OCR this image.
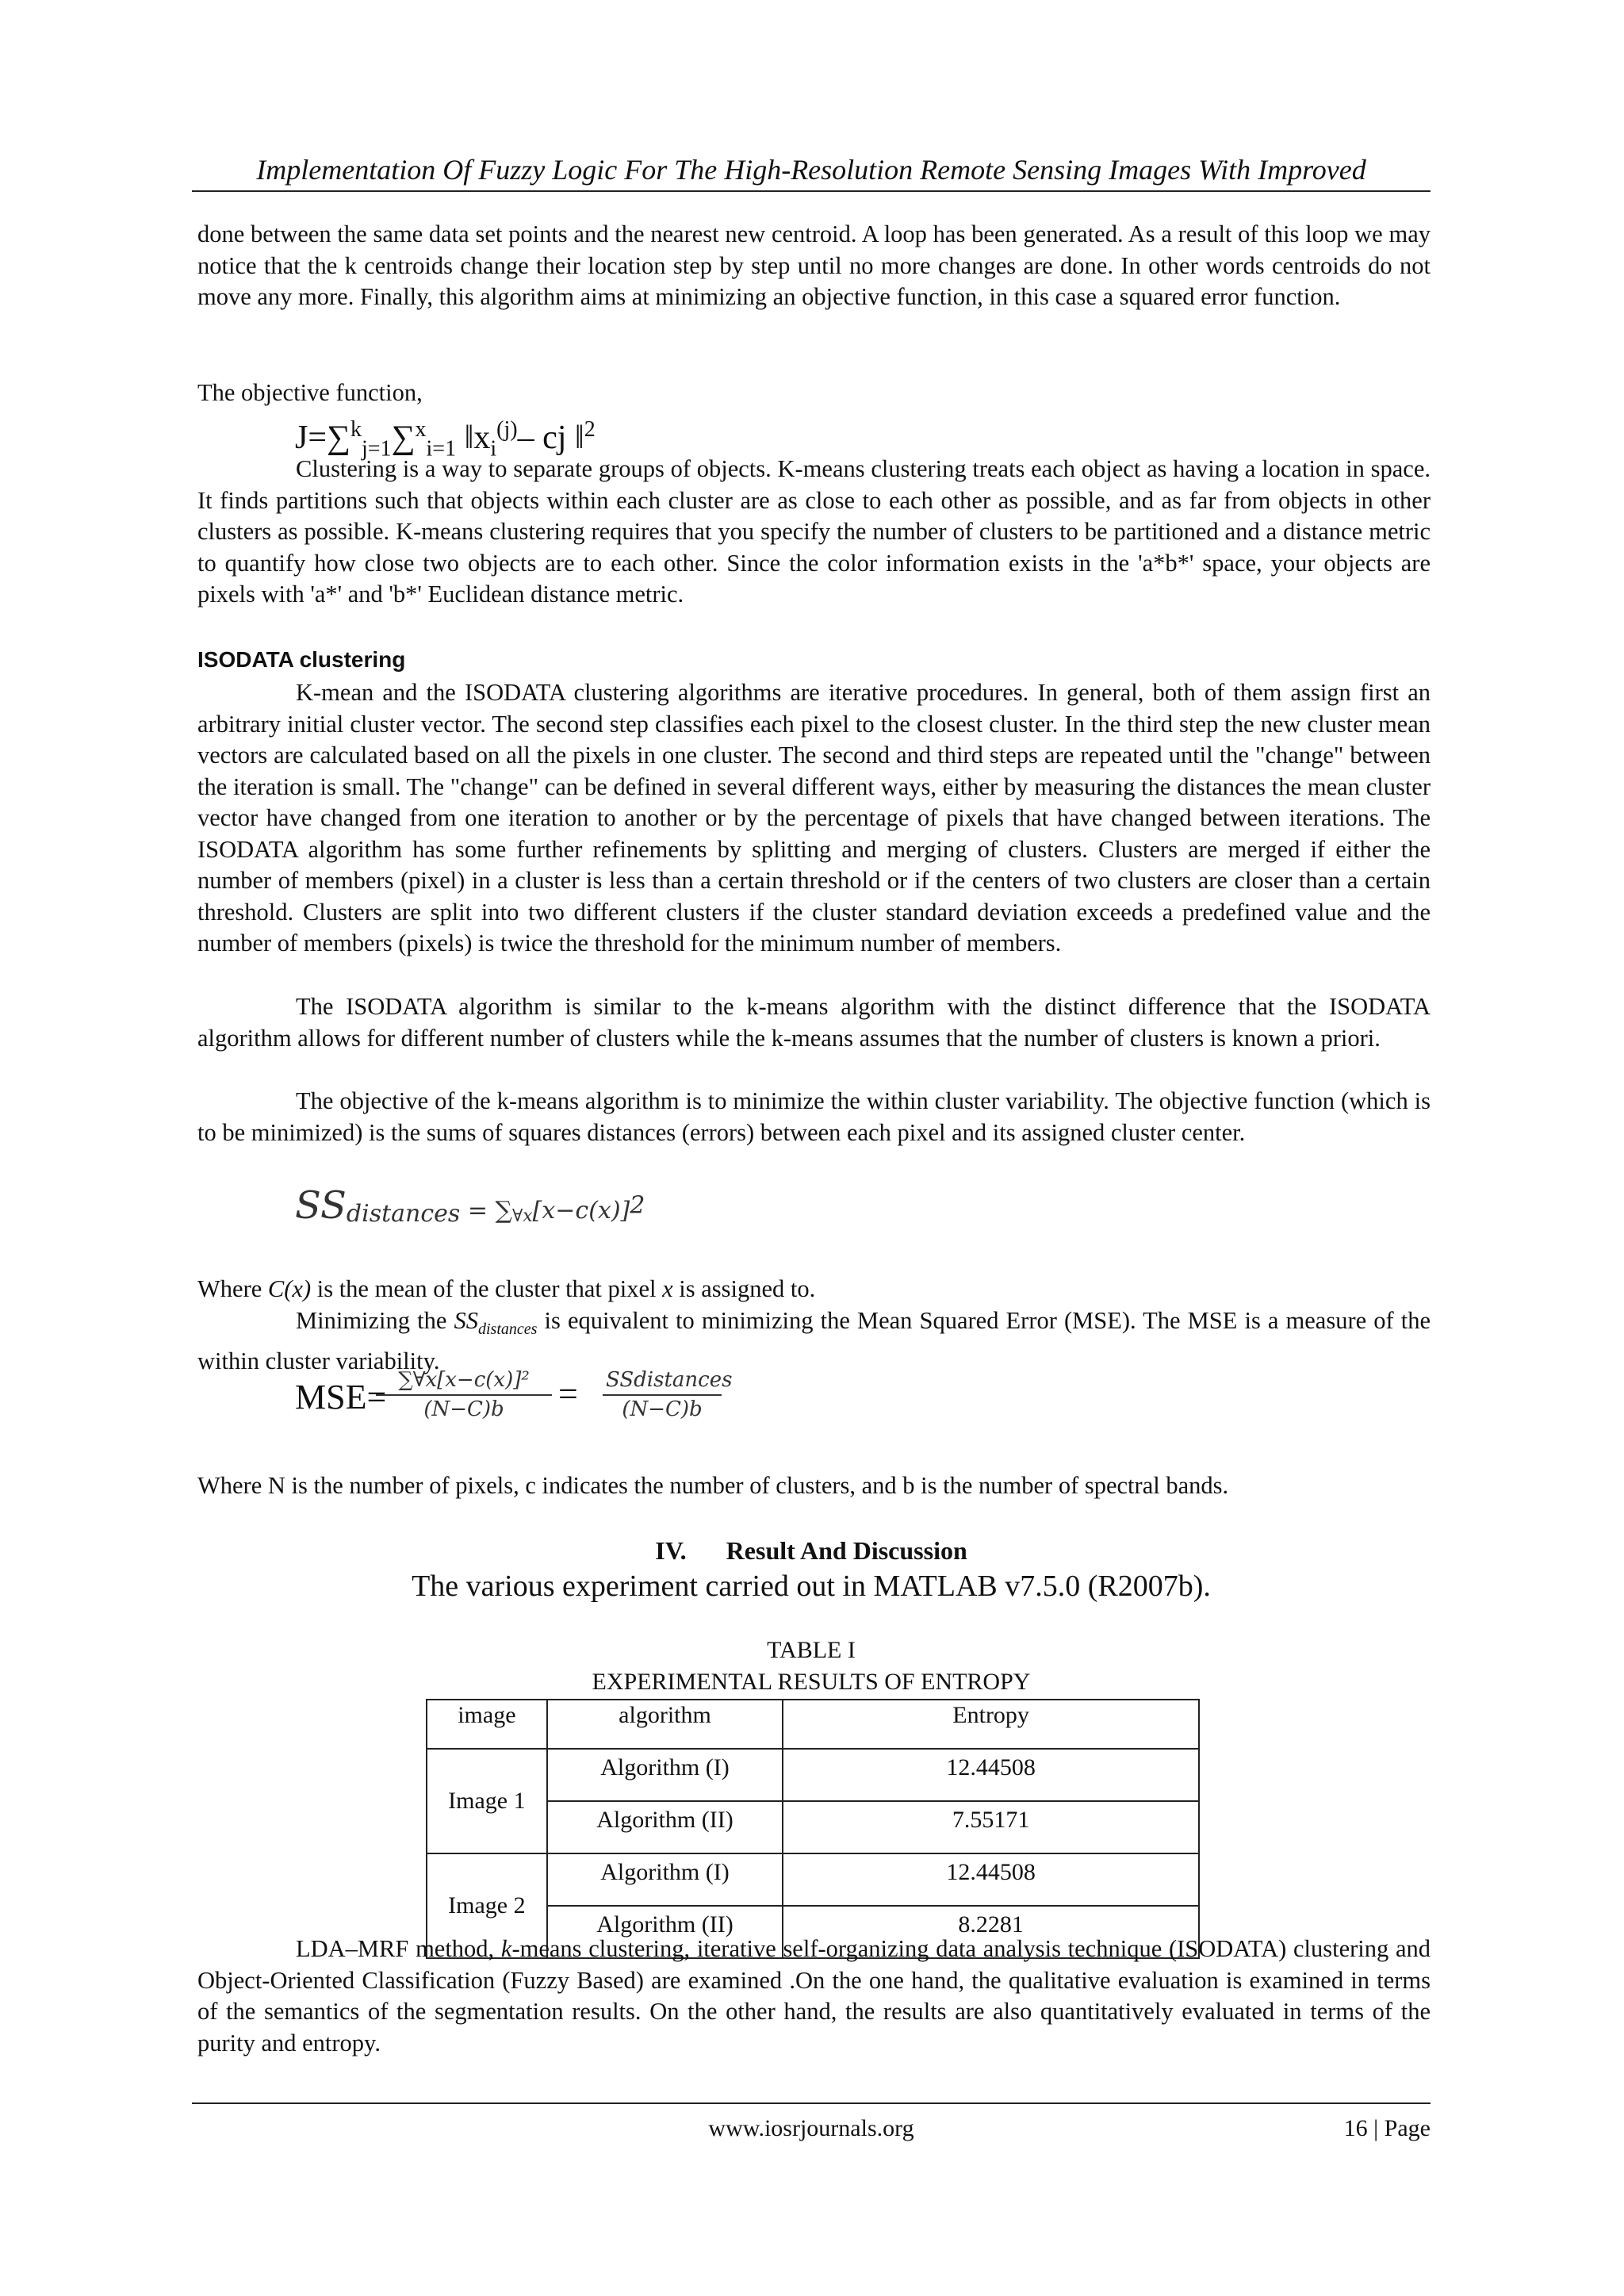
Implementation Of Fuzzy Logic For The High-Resolution Remote Sensing Images With Improved

done between the same data set points and the nearest new centroid. A loop has been generated. As a result of this loop we may notice that the k centroids change their location step by step until no more changes are done. In other words centroids do not move any more. Finally, this algorithm aims at minimizing an objective function, in this case a squared error function.

The objective function,

J=∑$^k_{j=1}$∑$^x_{i=1}$ $‖x_i^{(j)}-$ cj ‖$^2$

Clustering is a way to separate groups of objects. K-means clustering treats each object as having a location in space. It finds partitions such that objects within each cluster are as close to each other as possible, and as far from objects in other clusters as possible. K-means clustering requires that you specify the number of clusters to be partitioned and a distance metric to quantify how close two objects are to each other. Since the color information exists in the 'a*b*' space, your objects are pixels with 'a*' and 'b*' Euclidean distance metric.

ISODATA clustering

K-mean and the ISODATA clustering algorithms are iterative procedures. In general, both of them assign first an arbitrary initial cluster vector. The second step classifies each pixel to the closest cluster. In the third step the new cluster mean vectors are calculated based on all the pixels in one cluster. The second and third steps are repeated until the "change" between the iteration is small. The "change" can be defined in several different ways, either by measuring the distances the mean cluster vector have changed from one iteration to another or by the percentage of pixels that have changed between iterations. The ISODATA algorithm has some further refinements by splitting and merging of clusters. Clusters are merged if either the number of members (pixel) in a cluster is less than a certain threshold or if the centers of two clusters are closer than a certain threshold. Clusters are split into two different clusters if the cluster standard deviation exceeds a predefined value and the number of members (pixels) is twice the threshold for the minimum number of members.

The ISODATA algorithm is similar to the k-means algorithm with the distinct difference that the ISODATA algorithm allows for different number of clusters while the k-means assumes that the number of clusters is known a priori.

The objective of the k-means algorithm is to minimize the within cluster variability. The objective function (which is to be minimized) is the sums of squares distances (errors) between each pixel and its assigned cluster center.

$SS_{distances} = \sum_{\forall x}[x-c(x)]^2$

Where C(x) is the mean of the cluster that pixel x is assigned to.

Minimizing the $SS_{distances}$ is equivalent to minimizing the Mean Squared Error (MSE). The MSE is a measure of the within cluster variability.

MSE=
$\frac{\text{∑∀x[x−c(x)]²}}{(N-C)b}$ = SSdistances
(N−C)b

Where N is the number of pixels, c indicates the number of clusters, and b is the number of spectral bands.

IV. Result And Discussion

The various experiment carried out in MATLAB v7.5.0 (R2007b).

TABLE I

EXPERIMENTAL RESULTS OF ENTROPY

image	algorithm	Entropy
Image 1	Algorithm (I)	12.44508
	Algorithm (II)	7.55171
Image 2	Algorithm (I)	12.44508
	Algorithm (II)	8.2281

LDA–MRF method, k-means clustering, iterative self-organizing data analysis technique (ISODATA) clustering and Object-Oriented Classification (Fuzzy Based) are examined .On the one hand, the qualitative evaluation is examined in terms of the semantics of the segmentation results. On the other hand, the results are also quantitatively evaluated in terms of the purity and entropy.

www.iosrjournals.org	16 | Page
